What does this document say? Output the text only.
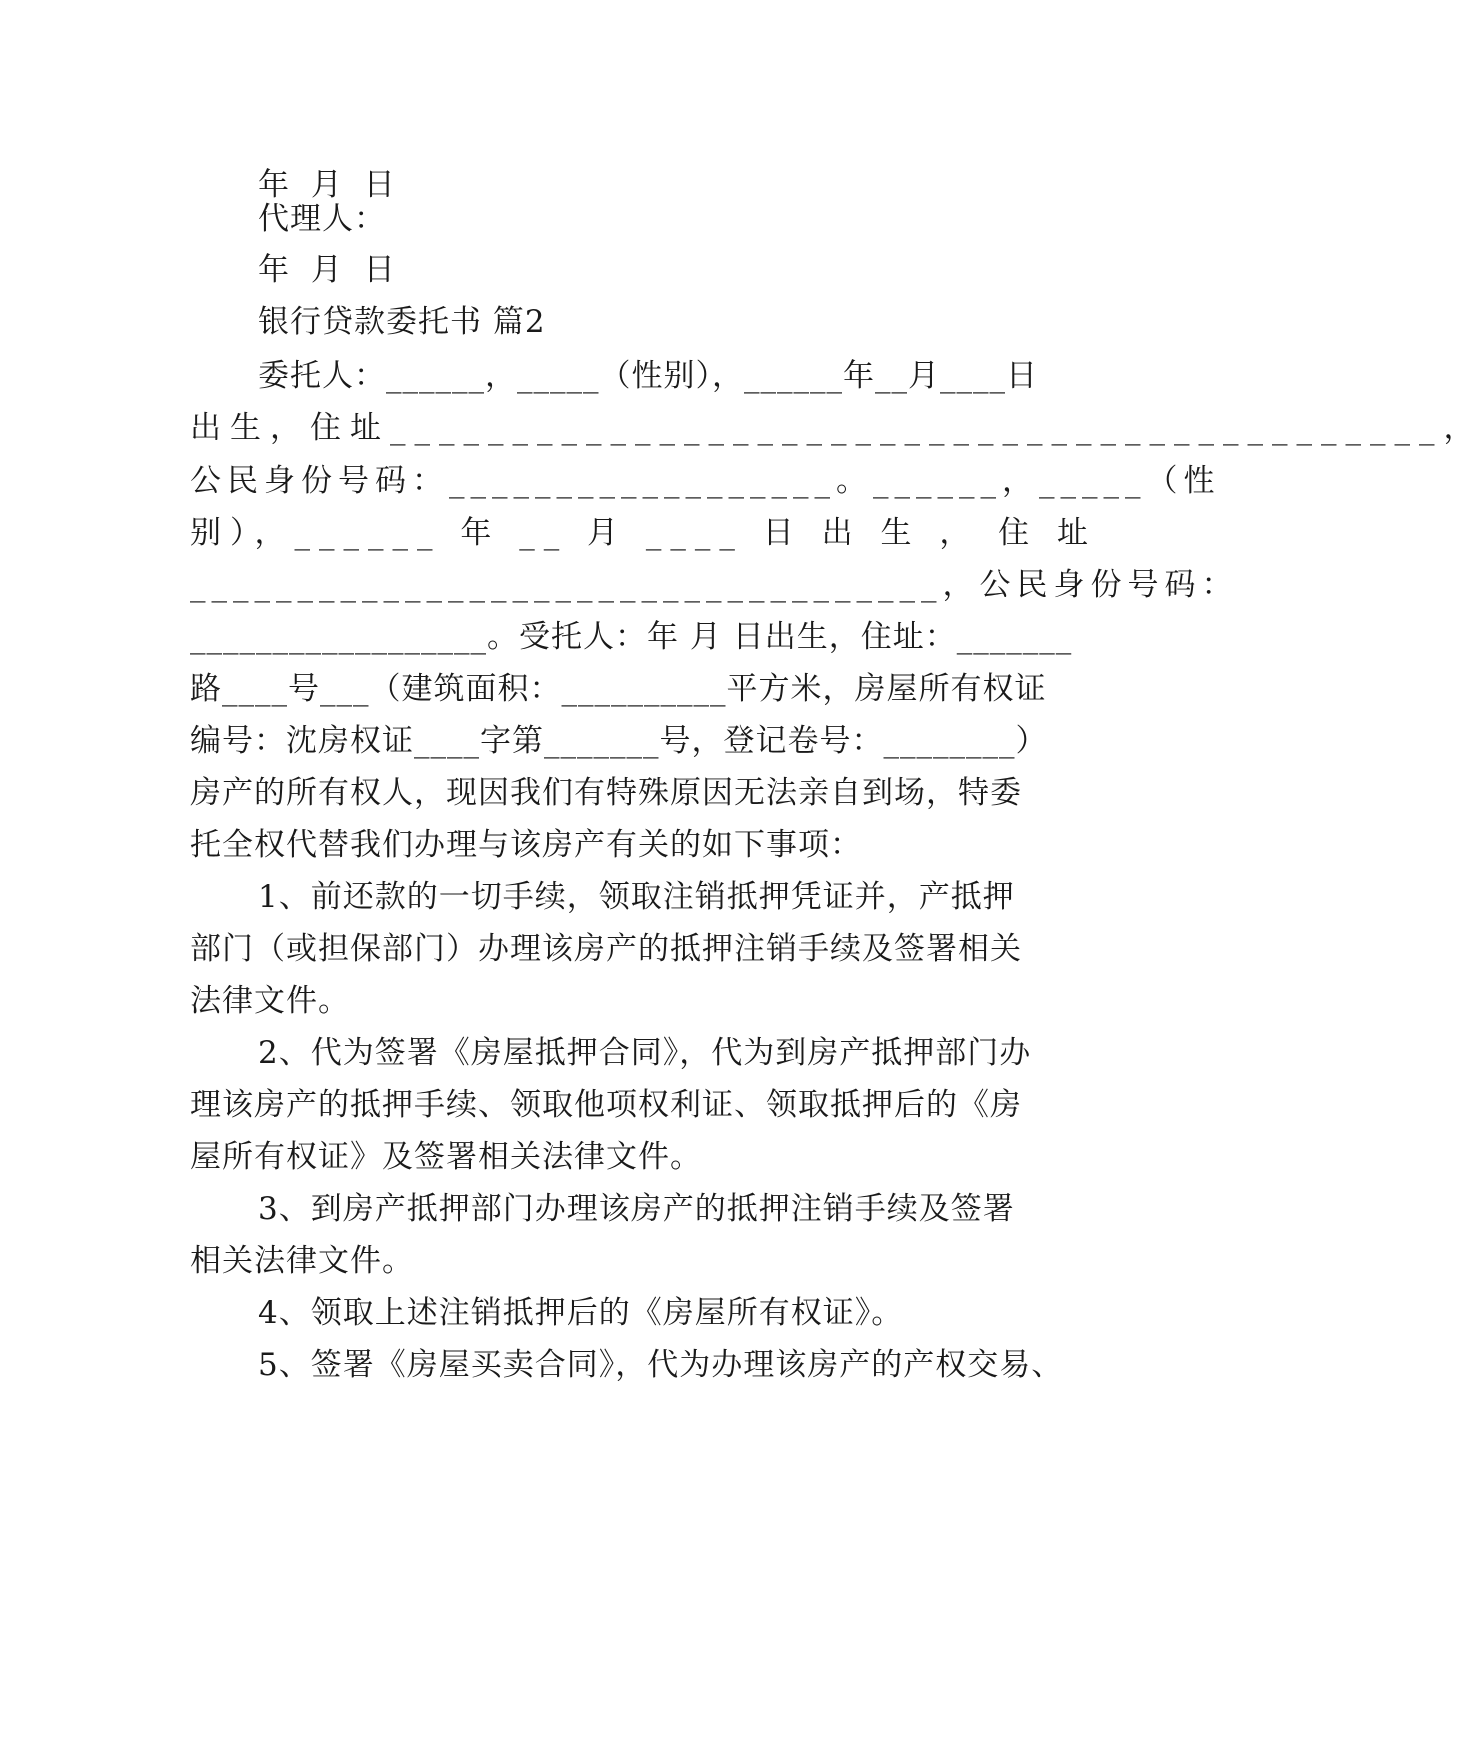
年 月 日
代理人：
年 月 日
银行贷款委托书 篇2
委托人：______，_____（性别），______年__月____日
出生，住址___________________________________________，
公民身份号码：__________________。______，_____（性
别），______ 年 __ 月 ____ 日 出 生 ， 住 址
___________________________________，公民身份号码：
__________________。受托人：年 月 日出生，住址：_______
路____号___（建筑面积：__________平方米，房屋所有权证
编号：沈房权证____字第_______号，登记卷号：________）
房产的所有权人，现因我们有特殊原因无法亲自到场，特委
托全权代替我们办理与该房产有关的如下事项：
1、前还款的一切手续，领取注销抵押凭证并，产抵押
部门（或担保部门）办理该房产的抵押注销手续及签署相关
法律文件。
2、代为签署《房屋抵押合同》，代为到房产抵押部门办
理该房产的抵押手续、领取他项权利证、领取抵押后的《房
屋所有权证》及签署相关法律文件。
3、到房产抵押部门办理该房产的抵押注销手续及签署
相关法律文件。
4、领取上述注销抵押后的《房屋所有权证》。
5、签署《房屋买卖合同》，代为办理该房产的产权交易、
